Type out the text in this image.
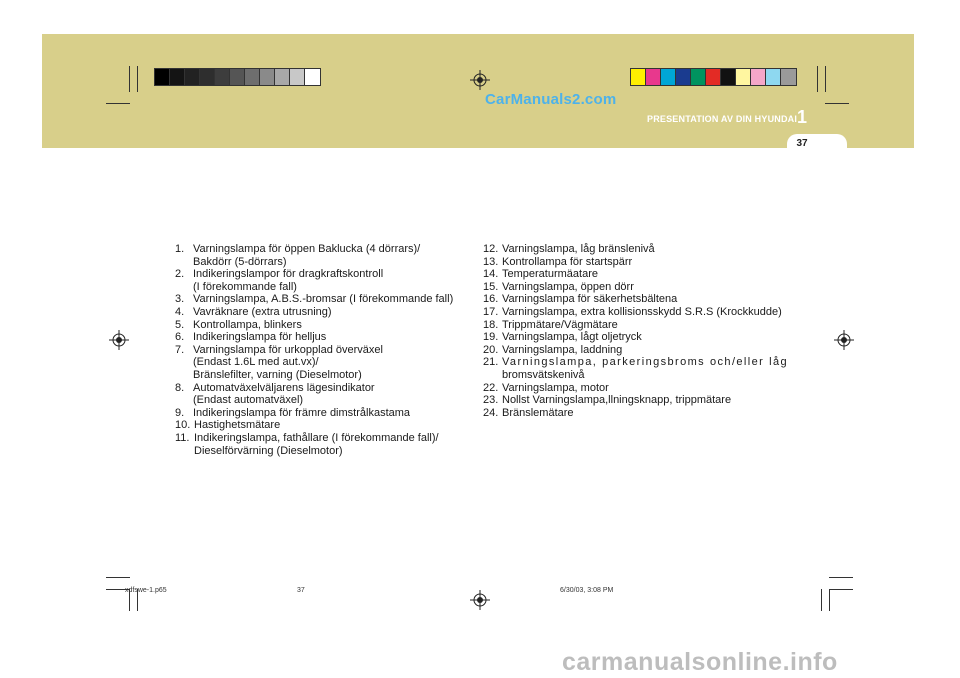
CarManuals2.com
PRESENTATION AV DIN HYUNDAI 1
37
1. Varningslampa för öppen Baklucka (4 dörrars)/
Bakdörr (5-dörrars)
2. Indikeringslampor för dragkraftskontroll
(I förekommande fall)
3. Varningslampa, A.B.S.-bromsar (I förekommande fall)
4. Vavräknare (extra utrusning)
5. Kontrollampa, blinkers
6. Indikeringslampa för helljus
7. Varningslampa för urkopplad överväxel
(Endast 1.6L med aut.vx)/
Bränslefilter, varning (Dieselmotor)
8. Automatväxelväljarens lägesindikator
(Endast automatväxel)
9. Indikeringslampa för främre dimstrålkastama
10. Hastighetsmätare
11. Indikeringslampa, fathållare (I förekommande fall)/
Dieselförvärning (Dieselmotor)
12. Varningslampa, låg bränslenivå
13. Kontrollampa för startspärr
14. Temperaturmäatare
15. Varningslampa, öppen dörr
16. Varningslampa för säkerhetsbältena
17. Varningslampa, extra kollisionsskydd S.R.S (Krockkudde)
18. Trippmätare/Vägmätare
19. Varningslampa, lågt oljetryck
20. Varningslampa, laddning
21. Varningslampa, parkeringsbroms och/eller låg
bromsvätskenivå
22. Varningslampa, motor
23. Nollst Varningslampa,llningsknapp, trippmätare
24. Bränslemätare
xdfswe-1.p65	37	6/30/03, 3:08 PM
carmanualsonline.info
